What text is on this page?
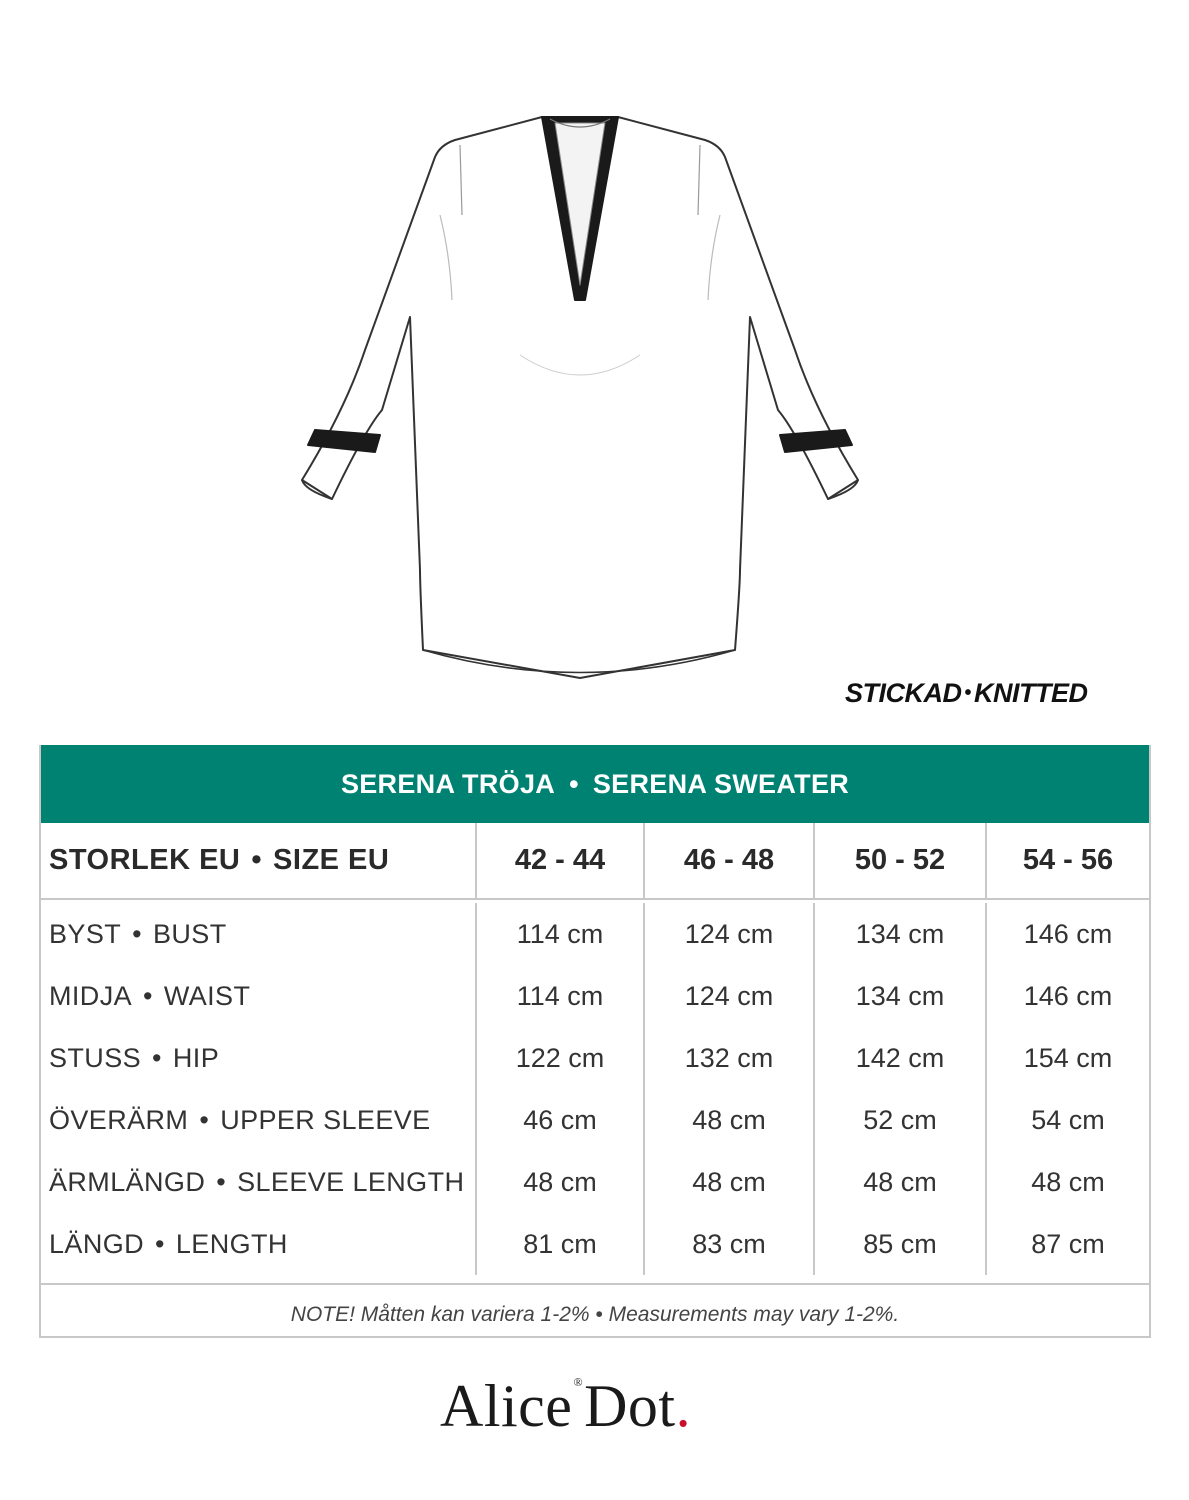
STICKAD • KNITTED
SERENA TRÖJA • SERENA SWEATER
STORLEK EU • SIZE EU	42 - 44	46 - 48	50 - 52	54 - 56
BYST • BUST	114 cm	124 cm	134 cm	146 cm
MIDJA • WAIST	114 cm	124 cm	134 cm	146 cm
STUSS • HIP	122 cm	132 cm	142 cm	154 cm
ÖVERÄRM • UPPER SLEEVE	46 cm	48 cm	52 cm	54 cm
ÄRMLÄNGD • SLEEVE LENGTH	48 cm	48 cm	48 cm	48 cm
LÄNGD • LENGTH	81 cm	83 cm	85 cm	87 cm
NOTE! Måtten kan variera 1-2% • Measurements may vary 1-2%.
Alice ® Dot .
